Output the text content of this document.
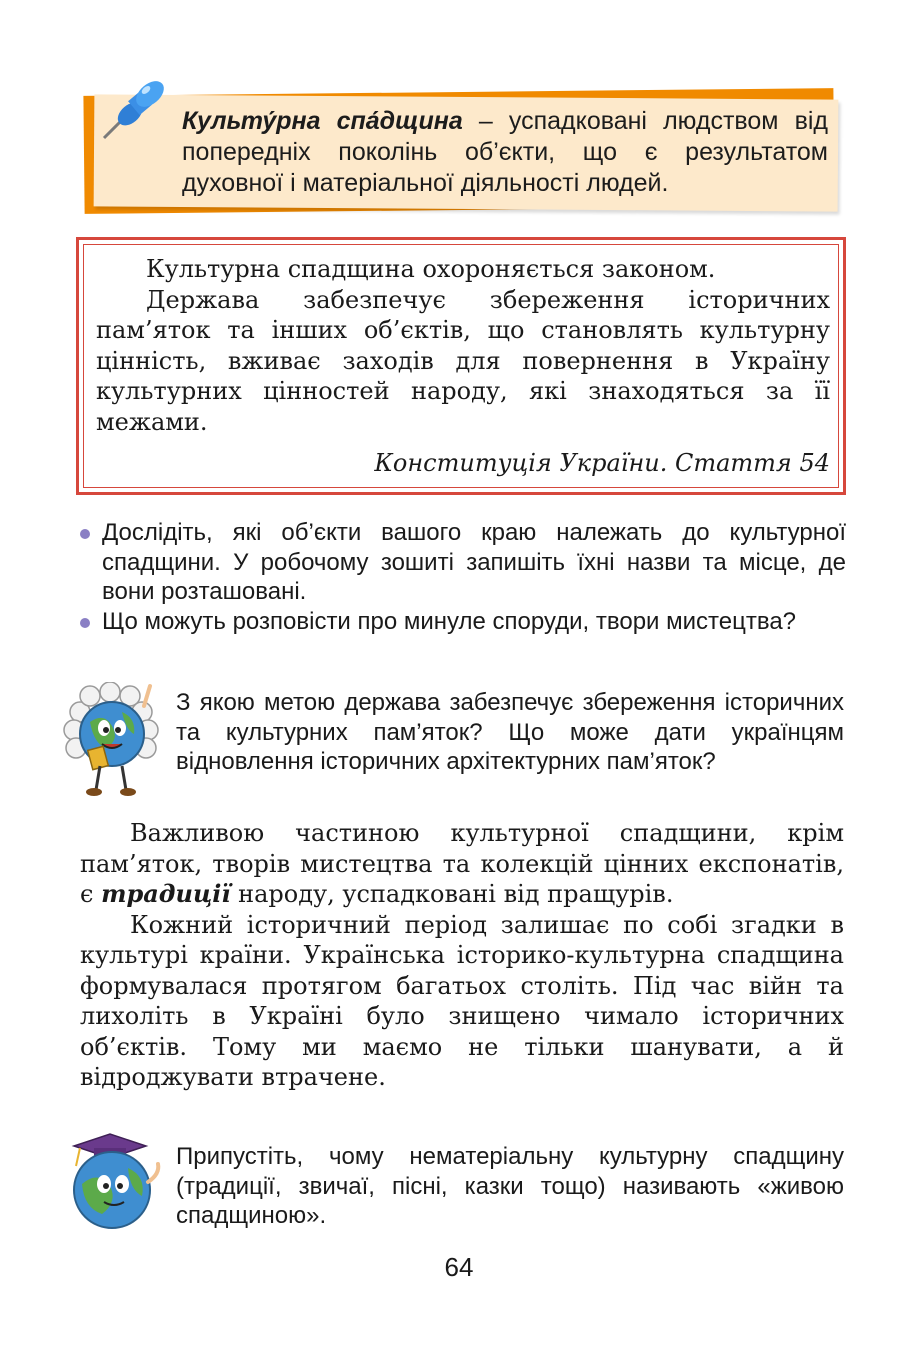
Культу́рна спа́дщина – успадковані людством від попередніх поколінь об’єкти, що є результатом духовної і матеріальної діяльності людей.

Культурна спадщина охороняється законом.

Держава забезпечує збереження історичних пам’яток та інших об’єктів, що становлять культурну цінність, вживає заходів для повернення в Україну культурних цінностей народу, які знаходяться за її межами.

Конституція України. Стаття 54
Дослідіть, які об’єкти вашого краю належать до культурної спадщини. У робочому зошиті запишіть їхні назви та місце, де вони розташовані.
Що можуть розповісти про минуле споруди, твори мистецтва?
З якою метою держава забезпечує збереження історичних та культурних пам’яток? Що може дати українцям відновлення історичних архітектурних пам’яток?

Важливою частиною культурної спадщини, крім пам’яток, творів мистецтва та колекцій цінних експонатів, є традиції народу, успадковані від пращурів.

Кожний історичний період залишає по собі згадки в культурі країни. Українська історико-культурна спадщина формувалася протягом багатьох століть. Під час війн та лихоліть в Україні було знищено чимало історичних об’єктів. Тому ми маємо не тільки шанувати, а й відроджувати втрачене.

Припустіть, чому нематеріальну культурну спадщину (традиції, звичаї, пісні, казки тощо) називають «живою спадщиною».
64
